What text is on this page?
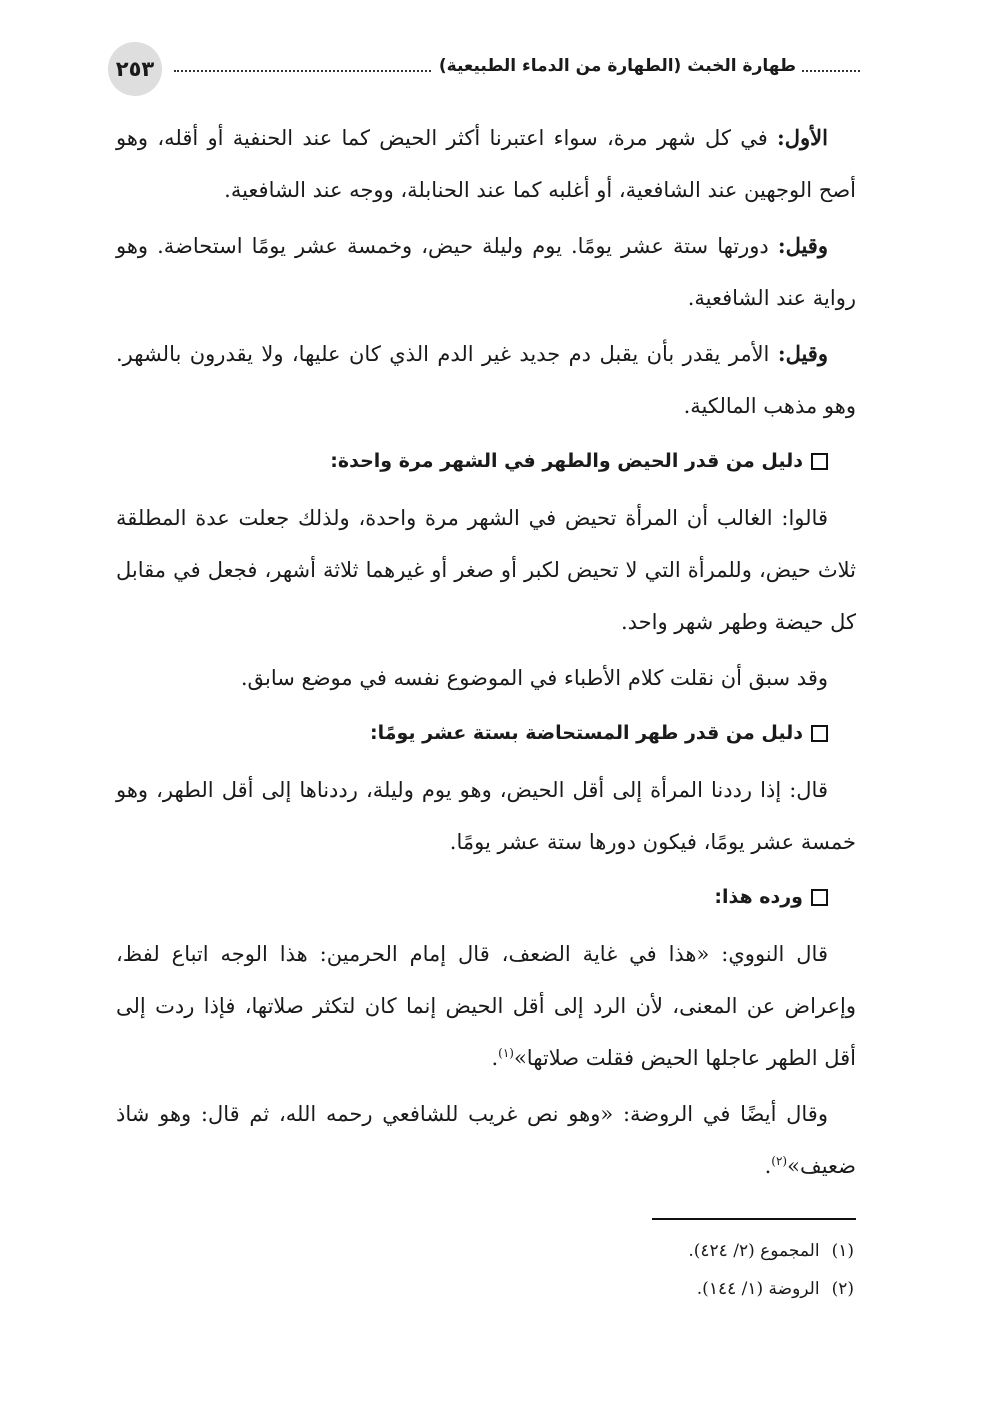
٢٥٣	طهارة الخبث (الطهارة من الدماء الطبيعية)

الأول: في كل شهر مرة، سواء اعتبرنا أكثر الحيض كما عند الحنفية أو أقله، وهو أصح الوجهين عند الشافعية، أو أغلبه كما عند الحنابلة، ووجه عند الشافعية.

وقيل: دورتها ستة عشر يومًا. يوم وليلة حيض، وخمسة عشر يومًا استحاضة. وهو رواية عند الشافعية.

وقيل: الأمر يقدر بأن يقبل دم جديد غير الدم الذي كان عليها، ولا يقدرون بالشهر. وهو مذهب المالكية.

دليل من قدر الحيض والطهر في الشهر مرة واحدة:

قالوا: الغالب أن المرأة تحيض في الشهر مرة واحدة، ولذلك جعلت عدة المطلقة ثلاث حيض، وللمرأة التي لا تحيض لكبر أو صغر أو غيرهما ثلاثة أشهر، فجعل في مقابل كل حيضة وطهر شهر واحد.

وقد سبق أن نقلت كلام الأطباء في الموضوع نفسه في موضع سابق.

دليل من قدر طهر المستحاضة بستة عشر يومًا:

قال: إذا رددنا المرأة إلى أقل الحيض، وهو يوم وليلة، رددناها إلى أقل الطهر، وهو خمسة عشر يومًا، فيكون دورها ستة عشر يومًا.

ورده هذا:

قال النووي: «هذا في غاية الضعف، قال إمام الحرمين: هذا الوجه اتباع لفظ، وإعراض عن المعنى، لأن الرد إلى أقل الحيض إنما كان لتكثر صلاتها، فإذا ردت إلى أقل الطهر عاجلها الحيض فقلت صلاتها»$^{(١)}$.

وقال أيضًا في الروضة: «وهو نص غريب للشافعي رحمه الله، ثم قال: وهو شاذ ضعيف»$^{(٢)}$.

(١)المجموع (٢/ ٤٢٤).
(٢)الروضة (١/ ١٤٤).
